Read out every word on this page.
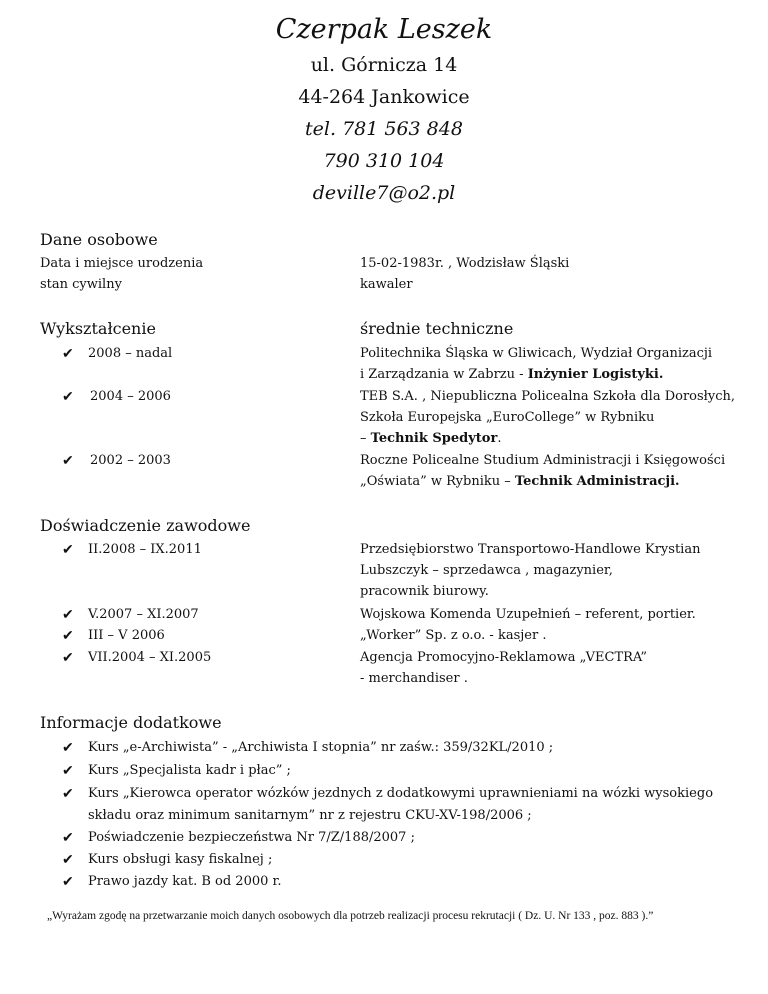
Czerpak Leszek
ul. Górnicza 14
44-264 Jankowice
tel. 781 563 848
790 310 104
deville7@o2.pl
Dane osobowe
Data i miejsce urodzenia	15-02-1983r. , Wodzisław Śląski
stan cywilny	kawaler
Wykształcenie	średnie techniczne
✔ 2008 – nadal	Politechnika Śląska w Gliwicach, Wydział Organizacji
i Zarządzania w Zabrzu - Inżynier Logistyki.
✔ 2004 – 2006	TEB S.A. , Niepubliczna Policealna Szkoła dla Dorosłych,
Szkoła Europejska „EuroCollege” w Rybniku
– Technik Spedytor.
✔ 2002 – 2003	Roczne Policealne Studium Administracji i Księgowości
„Oświata” w Rybniku – Technik Administracji.
Doświadczenie zawodowe
✔ II.2008 – IX.2011	Przedsiębiorstwo Transportowo-Handlowe Krystian
Lubszczyk – sprzedawca , magazynier,
pracownik biurowy.
✔ V.2007 – XI.2007	Wojskowa Komenda Uzupełnień – referent, portier.
✔ III – V 2006	„Worker” Sp. z o.o. - kasjer .
✔ VII.2004 – XI.2005	Agencja Promocyjno-Reklamowa „VECTRA”
- merchandiser .
Informacje dodatkowe
✔ Kurs „e-Archiwista” - „Archiwista I stopnia” nr zaśw.: 359/32KL/2010 ;
✔ Kurs „Specjalista kadr i płac” ;
✔ Kurs „Kierowca operator wózków jezdnych z dodatkowymi uprawnieniami na wózki wysokiego
składu oraz minimum sanitarnym” nr z rejestru CKU-XV-198/2006 ;
✔ Poświadczenie bezpieczeństwa Nr 7/Z/188/2007 ;
✔ Kurs obsługi kasy fiskalnej ;
✔ Prawo jazdy kat. B od 2000 r.
„Wyrażam zgodę na przetwarzanie moich danych osobowych dla potrzeb realizacji procesu rekrutacji ( Dz. U. Nr 133 , poz. 883 ).”
